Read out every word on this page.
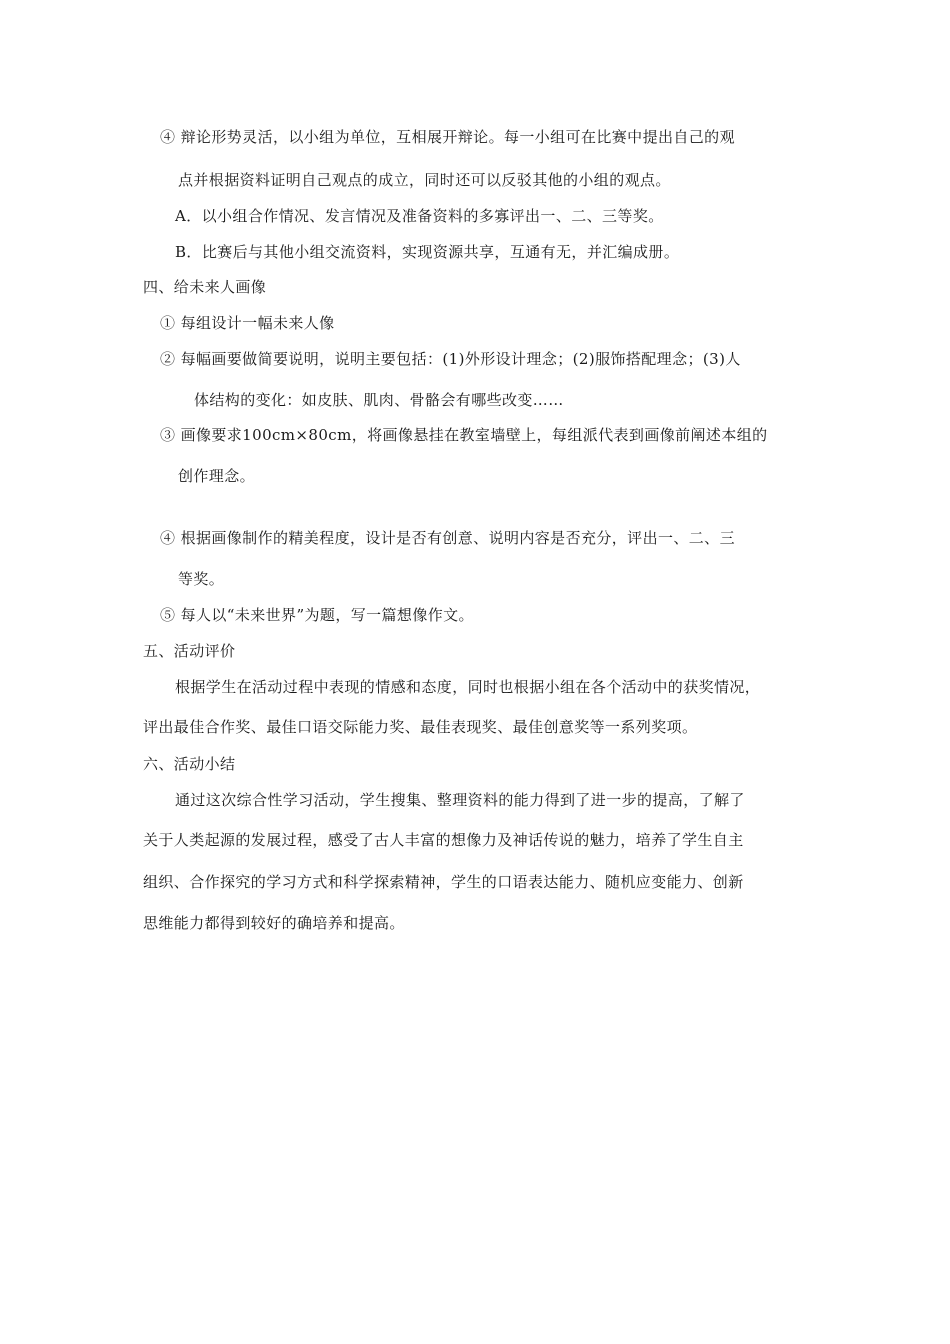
④ 辩论形势灵活，以小组为单位，互相展开辩论。每一小组可在比赛中提出自己的观
点并根据资料证明自己观点的成立，同时还可以反驳其他的小组的观点。
A．以小组合作情况、发言情况及准备资料的多寡评出一、二、三等奖。
B．比赛后与其他小组交流资料，实现资源共享，互通有无，并汇编成册。
四、给未来人画像
① 每组设计一幅未来人像
② 每幅画要做简要说明，说明主要包括：(1)外形设计理念；(2)服饰搭配理念；(3)人
体结构的变化：如皮肤、肌肉、骨骼会有哪些改变……
③ 画像要求100cm×80cm，将画像悬挂在教室墙壁上，每组派代表到画像前阐述本组的
创作理念。
④ 根据画像制作的精美程度，设计是否有创意、说明内容是否充分，评出一、二、三
等奖。
⑤ 每人以“未来世界”为题，写一篇想像作文。
五、活动评价
根据学生在活动过程中表现的情感和态度，同时也根据小组在各个活动中的获奖情况，
评出最佳合作奖、最佳口语交际能力奖、最佳表现奖、最佳创意奖等一系列奖项。
六、活动小结
通过这次综合性学习活动，学生搜集、整理资料的能力得到了进一步的提高，了解了
关于人类起源的发展过程，感受了古人丰富的想像力及神话传说的魅力，培养了学生自主
组织、合作探究的学习方式和科学探索精神，学生的口语表达能力、随机应变能力、创新
思维能力都得到较好的确培养和提高。
